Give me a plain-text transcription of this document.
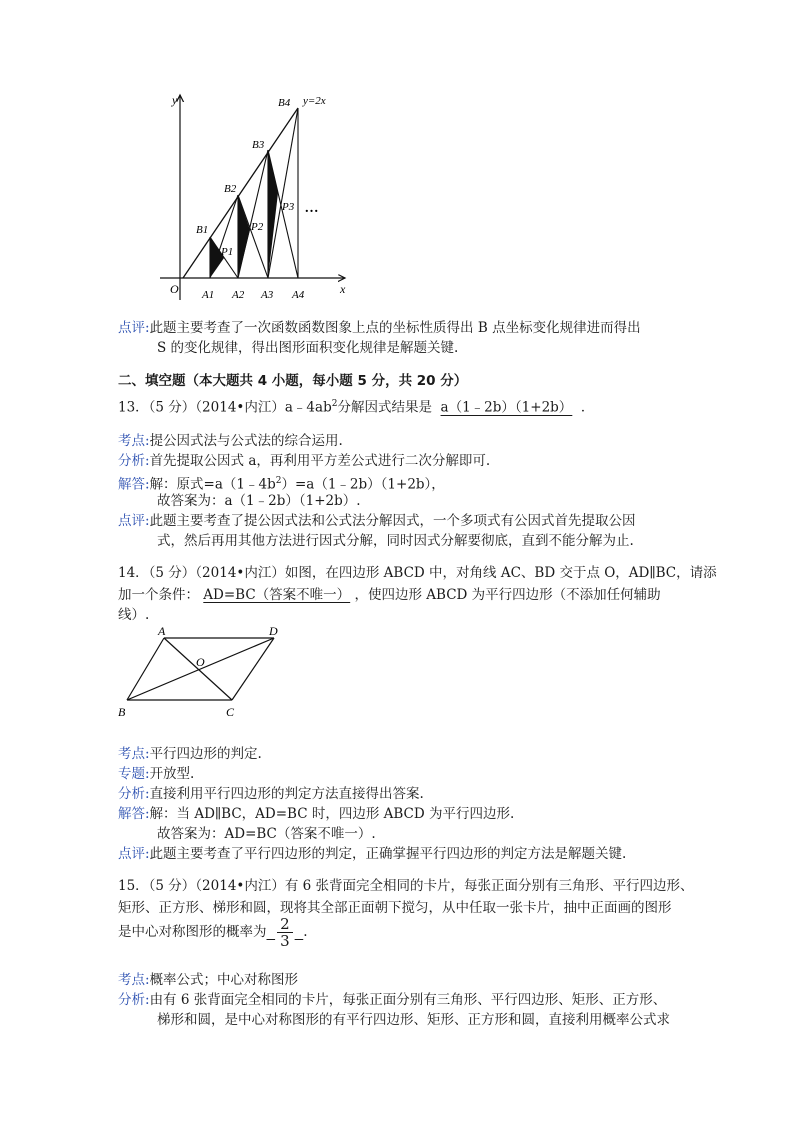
y
x
O
y=2x
…
A1 A2 A3 A4
B1
B2
B3
B4
P1
P2
P3
点评:此题主要考查了一次函数函数图象上点的坐标性质得出 B 点坐标变化规律进而得出
S 的变化规律，得出图形面积变化规律是解题关键.
二、填空题（本大题共 4 小题，每小题 5 分，共 20 分）
13．（5 分）（2014•内江）$a﹣4ab^2$分解因式结果是 a（1﹣2b）（1+2b） ．
考点:提公因式法与公式法的综合运用.
分析:首先提取公因式 a，再利用平方差公式进行二次分解即可.
解答:解：原式$=a(1﹣4b^2)=a(1﹣2b)(1+2b)$，
故答案为：a（1﹣2b）（1+2b）.
点评:此题主要考查了提公因式法和公式法分解因式，一个多项式有公因式首先提取公因
式，然后再用其他方法进行因式分解，同时因式分解要彻底，直到不能分解为止.
14．（5 分）（2014•内江）如图，在四边形 ABCD 中，对角线 AC、BD 交于点 O，AD∥BC，请添
加一个条件： AD=BC（答案不唯一） ，使四边形 ABCD 为平行四边形（不添加任何辅助
线）.
A	D
B	C
O
考点:平行四边形的判定.
专题:开放型.
分析:直接利用平行四边形的判定方法直接得出答案.
解答:解：当 AD∥BC，AD=BC 时，四边形 ABCD 为平行四边形.
故答案为：AD=BC（答案不唯一）.
点评:此题主要考查了平行四边形的判定，正确掌握平行四边形的判定方法是解题关键.
15．（5 分）（2014•内江）有 6 张背面完全相同的卡片，每张正面分别有三角形、平行四边形、
矩形、正方形、梯形和圆，现将其全部正面朝下搅匀，从中任取一张卡片，抽中正面画的图形
是中心对称图形的概率为 $\frac{2}{3}$ .
考点:概率公式；中心对称图形
分析:由有 6 张背面完全相同的卡片，每张正面分别有三角形、平行四边形、矩形、正方形、
梯形和圆，是中心对称图形的有平行四边形、矩形、正方形和圆，直接利用概率公式求
